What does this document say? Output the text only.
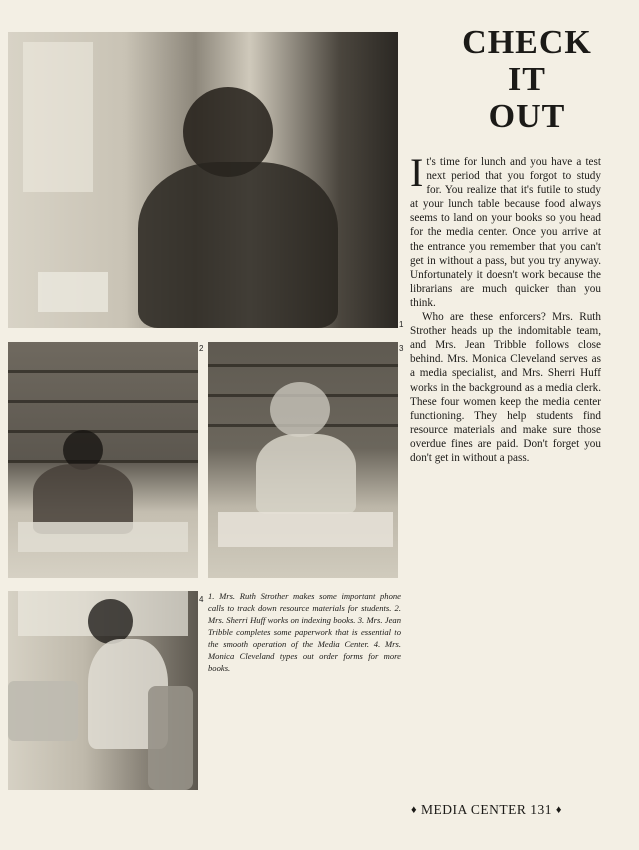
1
2	3
4
CHECK
IT
OUT

It's time for lunch and you have a test next period that you forgot to study for. You realize that it's futile to study at your lunch table because food always seems to land on your books so you head for the media center. Once you arrive at the entrance you remember that you can't get in without a pass, but you try anyway. Unfortunately it doesn't work because the librarians are much quicker than you think.

Who are these enforcers? Mrs. Ruth Strother heads up the indomitable team, and Mrs. Jean Tribble follows close behind. Mrs. Monica Cleveland serves as a media specialist, and Mrs. Sherri Huff works in the background as a media clerk. These four women keep the media center functioning. They help students find resource materials and make sure those overdue fines are paid. Don't forget you don't get in without a pass.

1. Mrs. Ruth Strother makes some important phone calls to track down resource materials for students. 2. Mrs. Sherri Huff works on indexing books. 3. Mrs. Jean Tribble completes some paperwork that is essential to the smooth operation of the Media Center. 4. Mrs. Monica Cleveland types out order forms for more books.
♦ MEDIA CENTER 131 ♦
